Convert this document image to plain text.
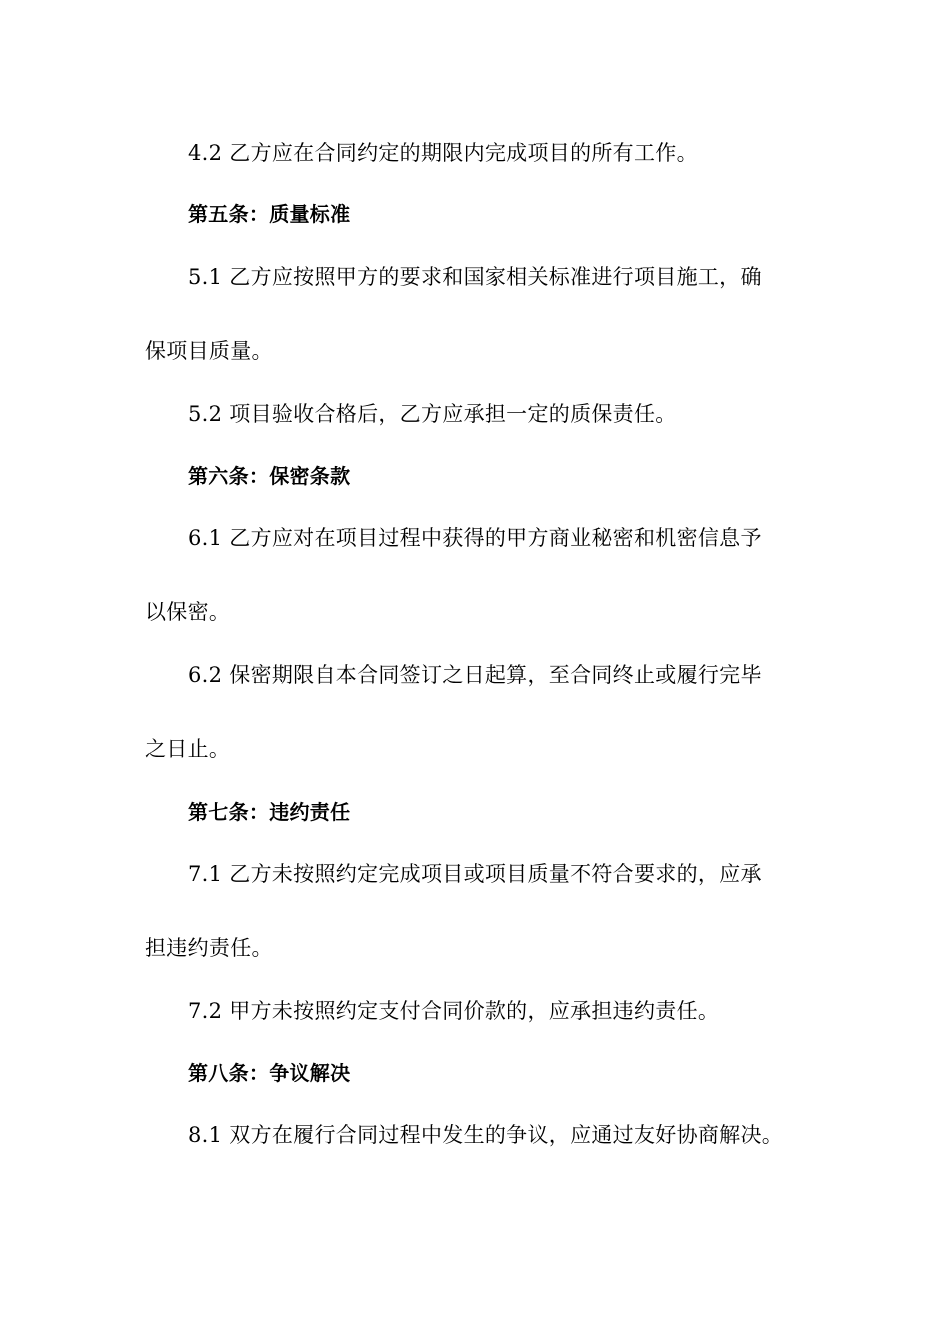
4.2 乙方应在合同约定的期限内完成项目的所有工作。
第五条：质量标准
5.1 乙方应按照甲方的要求和国家相关标准进行项目施工，确
保项目质量。
5.2 项目验收合格后，乙方应承担一定的质保责任。
第六条：保密条款
6.1 乙方应对在项目过程中获得的甲方商业秘密和机密信息予
以保密。
6.2 保密期限自本合同签订之日起算，至合同终止或履行完毕
之日止。
第七条：违约责任
7.1 乙方未按照约定完成项目或项目质量不符合要求的，应承
担违约责任。
7.2 甲方未按照约定支付合同价款的，应承担违约责任。
第八条：争议解决
8.1 双方在履行合同过程中发生的争议，应通过友好协商解决。
